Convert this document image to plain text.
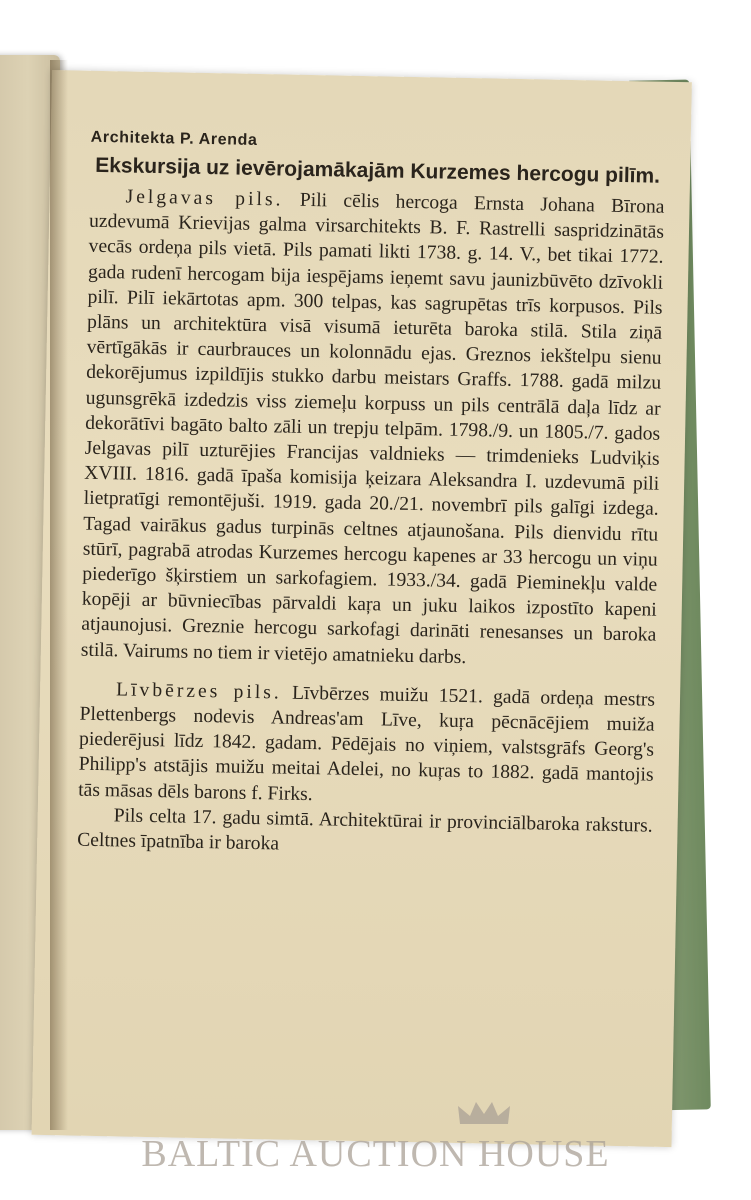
Architekta P. Arenda

Ekskursija uz ievērojamākajām Kurzemes hercogu pilīm.

Jelgavas pils. Pili cēlis hercoga Ernsta Johana Bīrona uzdevumā Krievijas galma virsarchitekts B. F. Rastrelli saspridzinātās vecās ordeņa pils vietā. Pils pamati likti 1738. g. 14. V., bet tikai 1772. gada rudenī hercogam bija iespējams ieņemt savu jaunizbūvēto dzīvokli pilī. Pilī iekārtotas apm. 300 telpas, kas sagrupētas trīs korpusos. Pils plāns un architektūra visā visumā ieturēta baroka stilā. Stila ziņā vērtīgākās ir caurbrauces un kolonnādu ejas. Greznos iekštelpu sienu dekorējumus izpildījis stukko darbu meistars Graffs. 1788. gadā milzu ugunsgrēkā izdedzis viss ziemeļu korpuss un pils centrālā daļa līdz ar dekorātīvi bagāto balto zāli un trepju telpām. 1798./9. un 1805./7. gados Jelgavas pilī uzturējies Francijas valdnieks — trimdenieks Ludviķis XVIII. 1816. gadā īpaša komisija ķeizara Aleksandra I. uzdevumā pili lietpratīgi remontējuši. 1919. gada 20./21. novembrī pils galīgi izdega. Tagad vairākus gadus turpinās celtnes atjaunošana. Pils dienvidu rītu stūrī, pagrabā atrodas Kurzemes hercogu kapenes ar 33 hercogu un viņu piederīgo šķirstiem un sarkofagiem. 1933./34. gadā Pieminekļu valde kopēji ar būvniecības pārvaldi kaŗa un juku laikos izpostīto kapeni atjaunojusi. Greznie hercogu sarkofagi darināti renesanses un baroka stilā. Vairums no tiem ir vietējo amatnieku darbs.

Līvbērzes pils. Līvbērzes muižu 1521. gadā ordeņa mestrs Plettenbergs nodevis Andreas'am Līve, kuŗa pēcnācējiem muiža piederējusi līdz 1842. gadam. Pēdējais no viņiem, valstsgrāfs Georg's Philipp's atstājis muižu meitai Adelei, no kuŗas to 1882. gadā mantojis tās māsas dēls barons f. Firks.

Pils celta 17. gadu simtā. Architektūrai ir provinciālbaroka raksturs. Celtnes īpatnība ir baroka

BALTIC AUCTION HOUSE
